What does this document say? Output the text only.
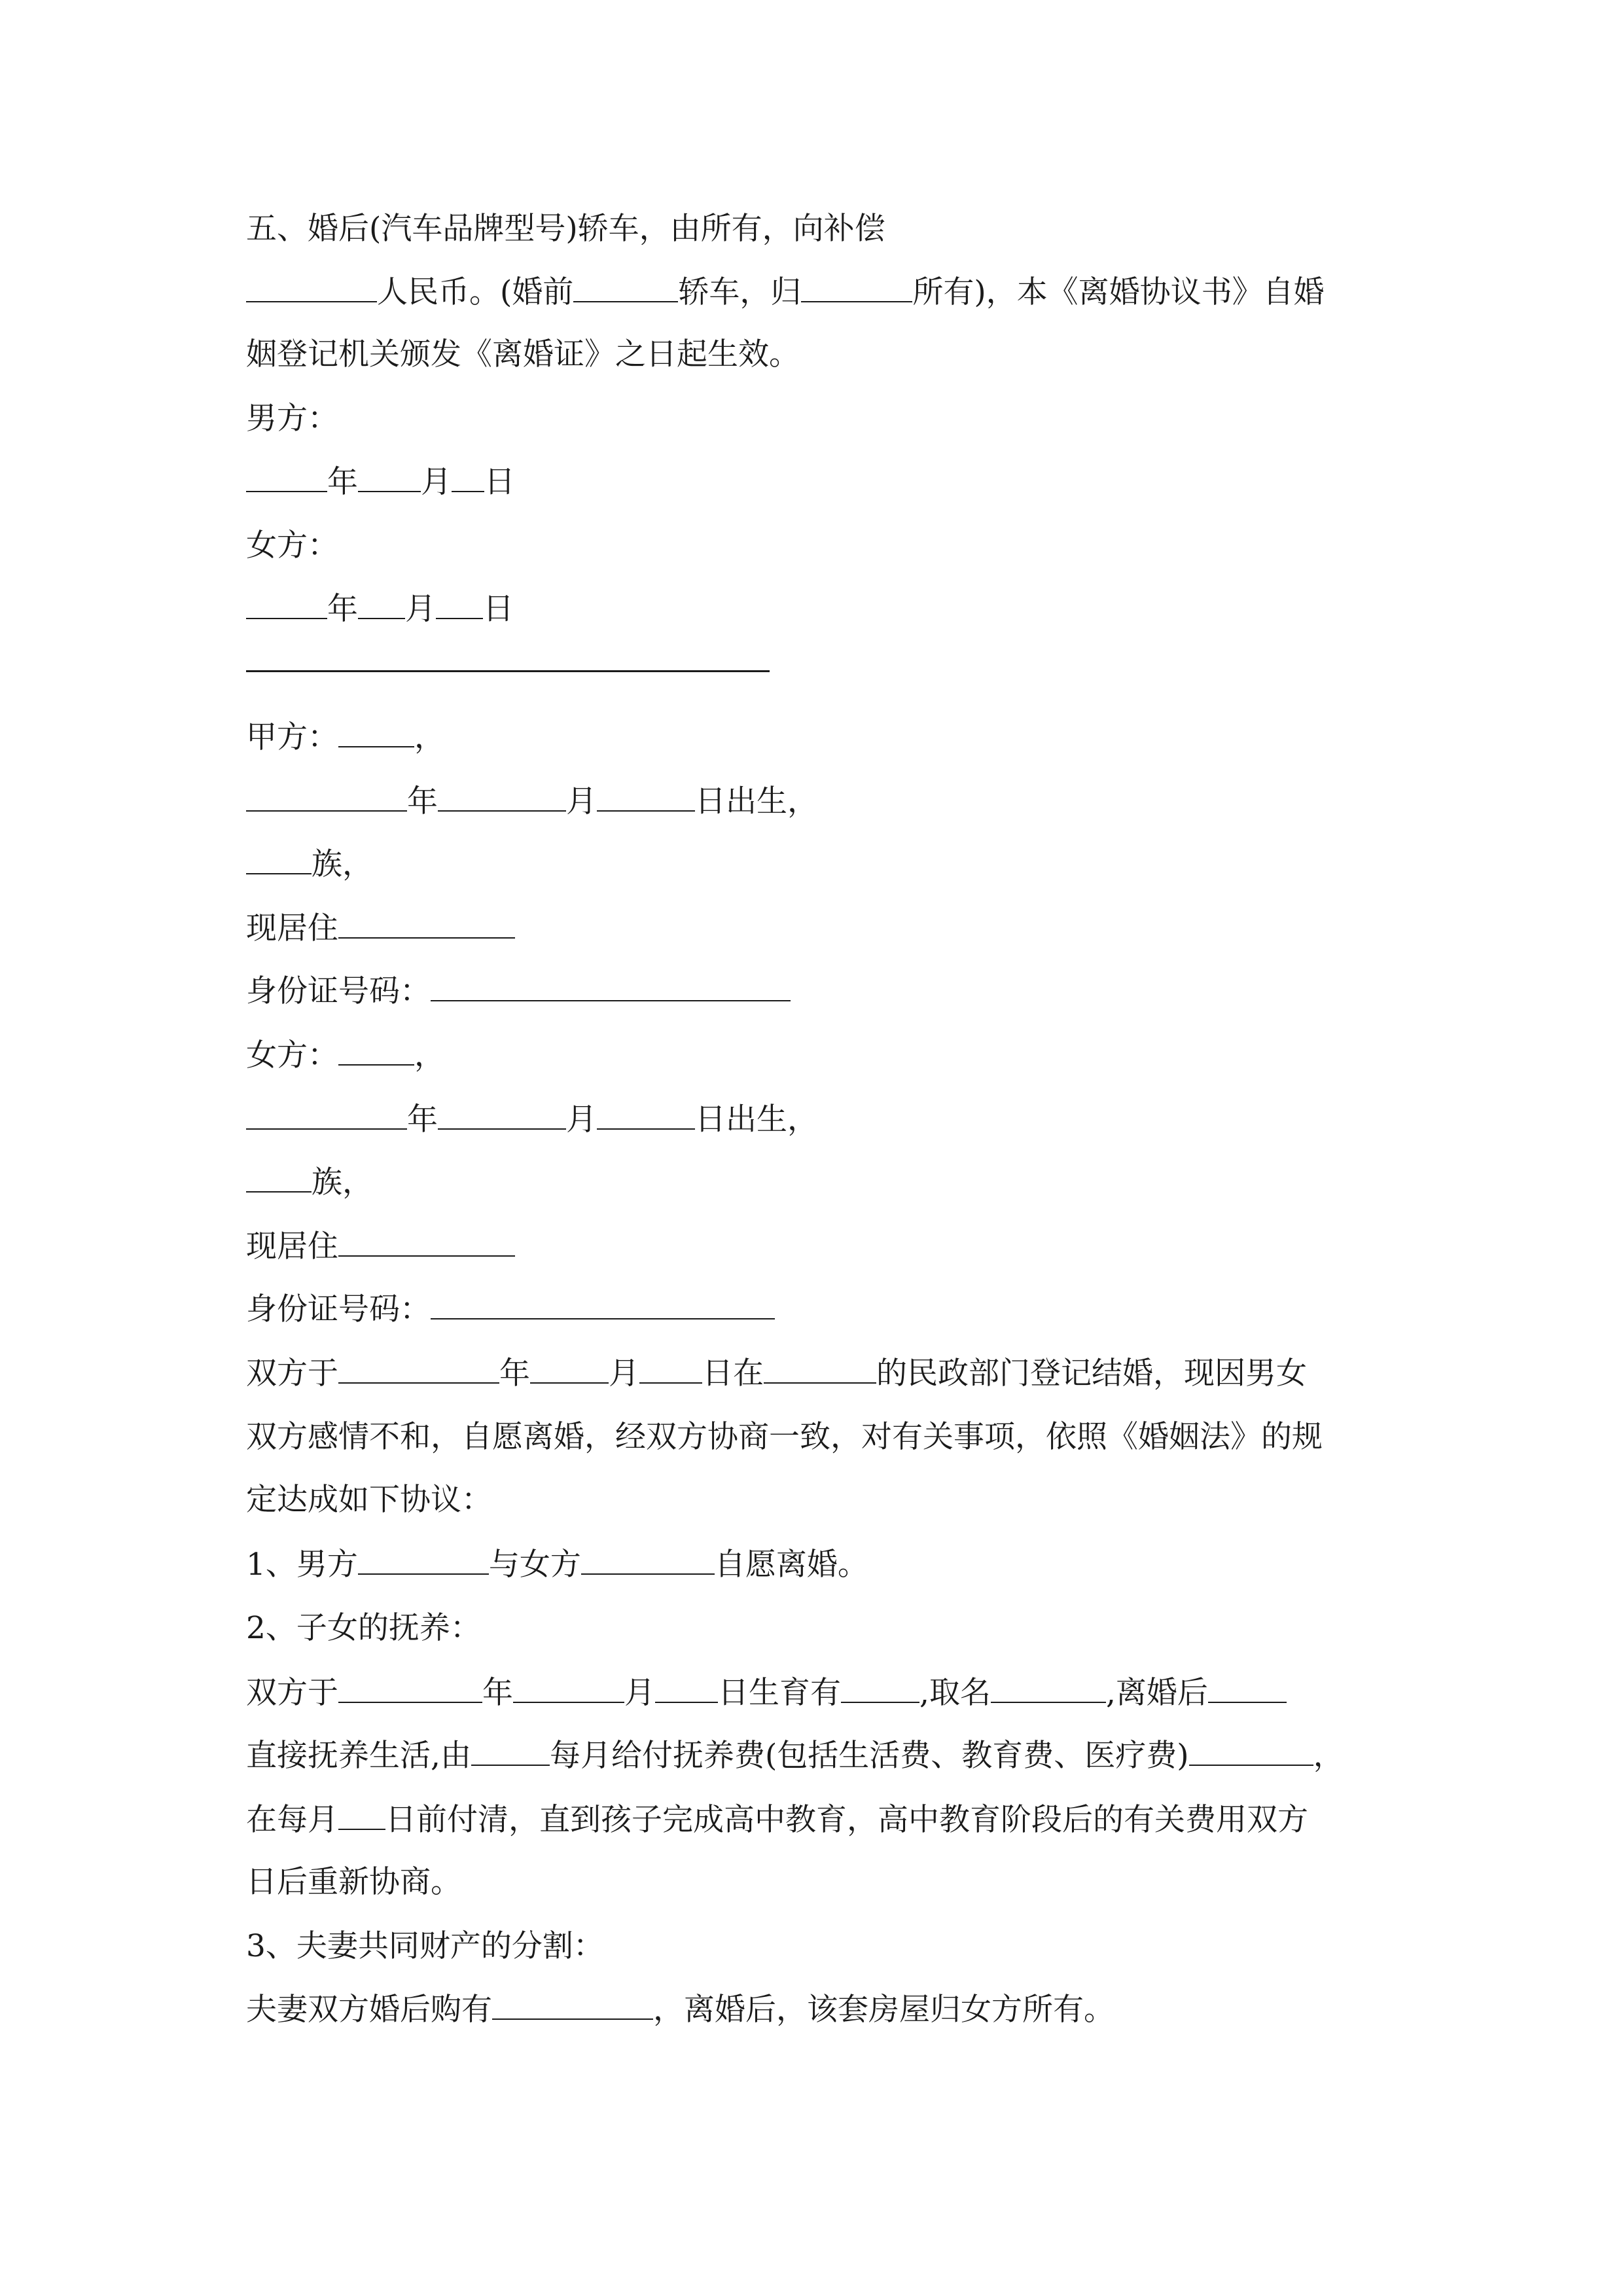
五、婚后(汽车品牌型号)轿车，由所有，向补偿
人民币。(婚前	轿车，归	所有)，本《离婚协议书》自婚
姻登记机关颁发《离婚证》之日起生效。
男方：
年 月 日
女方：
年 月 日
甲方： ，
年	月	日出生，
族，
现居住
身份证号码：
女方： ，
年	月	日出生，
族，
现居住
身份证号码：
双方于	年	月 日在	的民政部门登记结婚，现因男女
双方感情不和，自愿离婚，经双方协商一致，对有关事项，依照《婚姻法》的规
定达成如下协议：
1、男方	与女方	自愿离婚。
2、子女的抚养：
双方于	年	月 日生育有	,取名	,离婚后
直接抚养生活,由	每月给付抚养费(包括生活费、教育费、医疗费)	，
在每月 日前付清，直到孩子完成高中教育，高中教育阶段后的有关费用双方
日后重新协商。
3、夫妻共同财产的分割：
夫妻双方婚后购有	，离婚后，该套房屋归女方所有。
